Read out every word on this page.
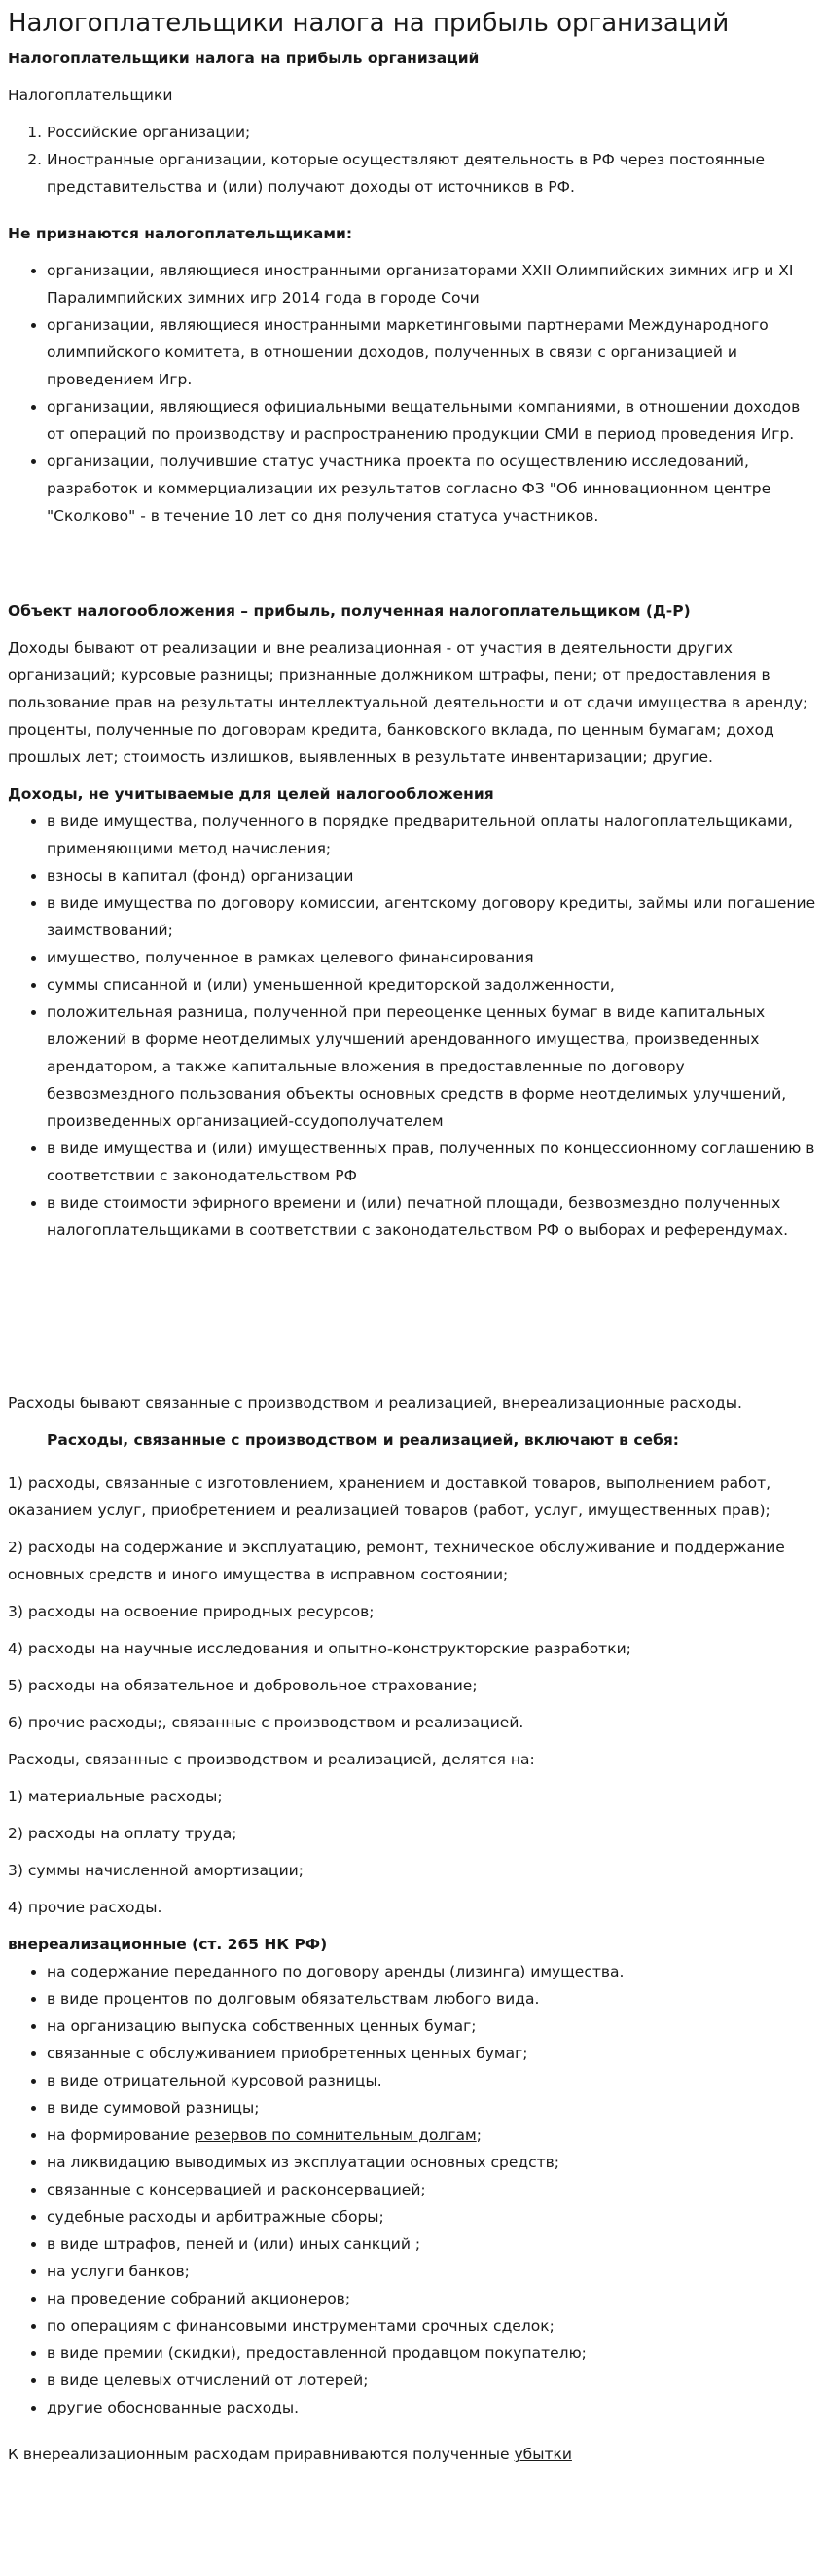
Налогоплательщики налога на прибыль организаций

Налогоплательщики налога на прибыль организаций

Налогоплательщики

1. Российские организации;
2. Иностранные организации, которые осуществляют деятельность в РФ через постоянные представительства и (или) получают доходы от источников в РФ.

Не признаются налогоплательщиками:

• организации, являющиеся иностранными организаторами XXII Олимпийских зимних игр и XI Паралимпийских зимних игр 2014 года в городе Сочи
• организации, являющиеся иностранными маркетинговыми партнерами Международного олимпийского комитета, в отношении доходов, полученных в связи с организацией и проведением Игр.
• организации, являющиеся официальными вещательными компаниями, в отношении доходов от операций по производству и распространению продукции СМИ в период проведения Игр.
• организации, получившие статус участника проекта по осуществлению исследований, разработок и коммерциализации их результатов согласно ФЗ "Об инновационном центре "Сколково" - в течение 10 лет со дня получения статуса участников.

Объект налогообложения – прибыль, полученная налогоплательщиком (Д-Р)

Доходы бывают от реализации и вне реализационная - от участия в деятельности других организаций; курсовые разницы; признанные должником штрафы, пени; от предоставления в пользование прав на результаты интеллектуальной деятельности и от сдачи имущества в аренду; проценты, полученные по договорам кредита, банковского вклада, по ценным бумагам; доход прошлых лет; стоимость излишков, выявленных в результате инвентаризации; другие.

Доходы, не учитываемые для целей налогообложения

• в виде имущества, полученного в порядке предварительной оплаты налогоплательщиками, применяющими метод начисления;
• взносы в капитал (фонд) организации
• в виде имущества по договору комиссии, агентскому договору кредиты, займы или погашение заимствований;
• имущество, полученное в рамках целевого финансирования
• суммы списанной и (или) уменьшенной кредиторской задолженности,
• положительная разница, полученной при переоценке ценных бумаг в виде капитальных вложений в форме неотделимых улучшений арендованного имущества, произведенных арендатором, а также капитальные вложения в предоставленные по договору безвозмездного пользования объекты основных средств в форме неотделимых улучшений, произведенных организацией-ссудополучателем
• в виде имущества и (или) имущественных прав, полученных по концессионному соглашению в соответствии с законодательством РФ
• в виде стоимости эфирного времени и (или) печатной площади, безвозмездно полученных налогоплательщиками в соответствии с законодательством РФ о выборах и референдумах.

Расходы бывают связанные с производством и реализацией, внереализационные расходы.

Расходы, связанные с производством и реализацией, включают в себя:

1) расходы, связанные с изготовлением, хранением и доставкой товаров, выполнением работ, оказанием услуг, приобретением и реализацией товаров (работ, услуг, имущественных прав);

2) расходы на содержание и эксплуатацию, ремонт, техническое обслуживание и поддержание основных средств и иного имущества в исправном состоянии;

3) расходы на освоение природных ресурсов;

4) расходы на научные исследования и опытно-конструкторские разработки;

5) расходы на обязательное и добровольное страхование;

6) прочие расходы;, связанные с производством и реализацией.

Расходы, связанные с производством и реализацией, делятся на:

1) материальные расходы;

2) расходы на оплату труда;

3) суммы начисленной амортизации;

4) прочие расходы.

внереализационные (ст. 265 НК РФ)

• на содержание переданного по договору аренды (лизинга) имущества.
• в виде процентов по долговым обязательствам любого вида.
• на организацию выпуска собственных ценных бумаг;
• связанные с обслуживанием приобретенных ценных бумаг;
• в виде отрицательной курсовой разницы.
• в виде суммовой разницы;
• на формирование резервов по сомнительным долгам;
• на ликвидацию выводимых из эксплуатации основных средств;
• связанные с консервацией и расконсервацией;
• судебные расходы и арбитражные сборы;
• в виде штрафов, пеней и (или) иных санкций ;
• на услуги банков;
• на проведение собраний акционеров;
• по операциям с финансовыми инструментами срочных сделок;
• в виде премии (скидки), предоставленной продавцом покупателю;
• в виде целевых отчислений от лотерей;
• другие обоснованные расходы.

К внереализационным расходам приравниваются полученные убытки
